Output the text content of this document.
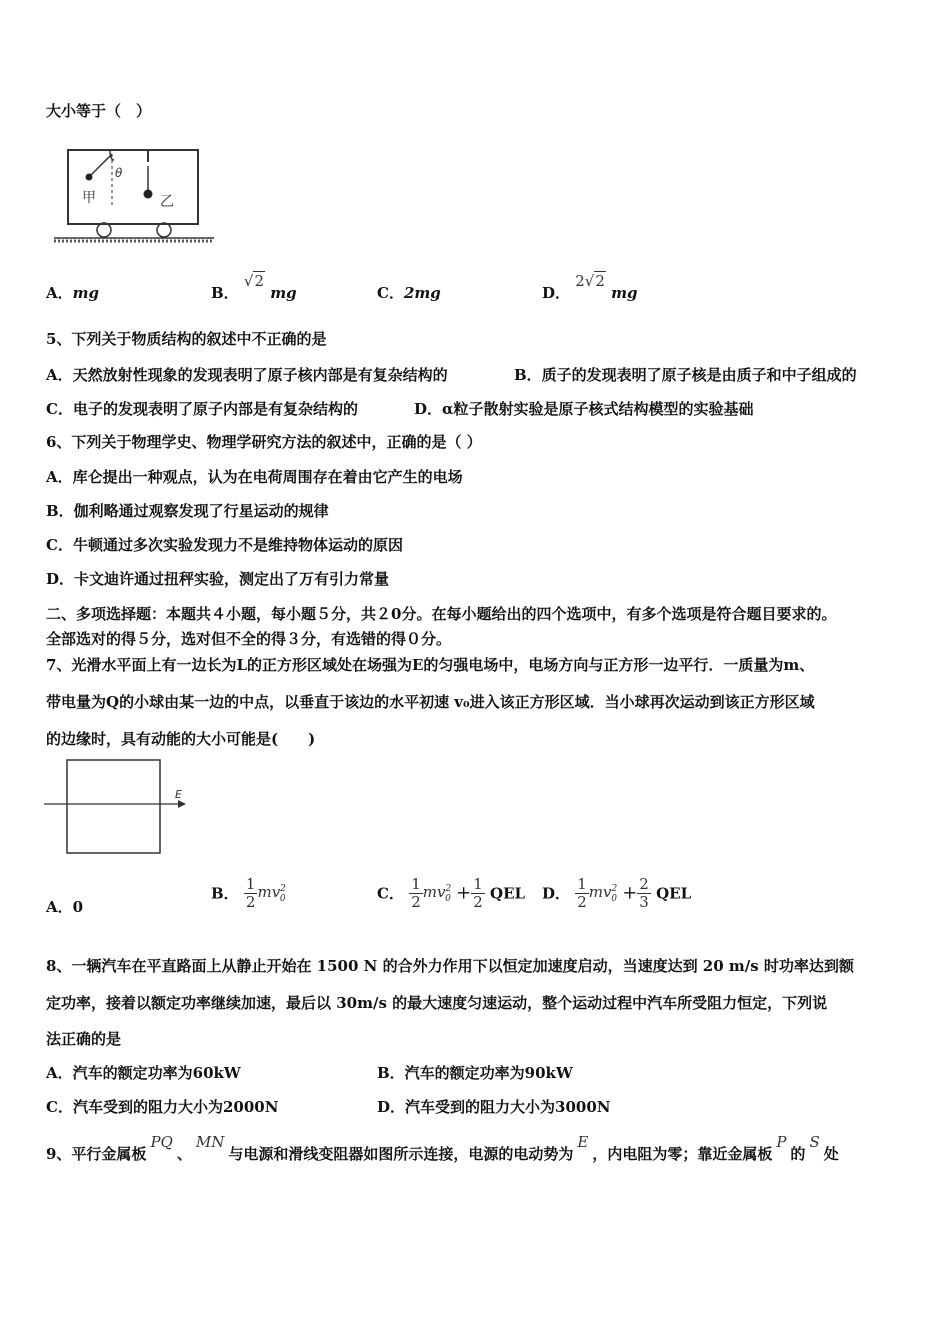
大小等于（　）
θ
甲	乙
A．mg	B． √2 mg	C．2mg	D． 2√2 mg
5、下列关于物质结构的叙述中不正确的是
A．天然放射性现象的发现表明了原子核内部是有复杂结构的	B．质子的发现表明了原子核是由质子和中子组成的
C．电子的发现表明了原子内部是有复杂结构的	D．α粒子散射实验是原子核式结构模型的实验基础
6、下列关于物理学史、物理学研究方法的叙述中，正确的是（ ）
A．库仑提出一种观点，认为在电荷周围存在着由它产生的电场
B．伽利略通过观察发现了行星运动的规律
C．牛顿通过多次实验发现力不是维持物体运动的原因
D．卡文迪许通过扭秤实验，测定出了万有引力常量
二、多项选择题：本题共４小题，每小题５分，共２0分。在每小题给出的四个选项中，有多个选项是符合题目要求的。
全部选对的得５分，选对但不全的得３分，有选错的得０分。
7、光滑水平面上有一边长为L的正方形区域处在场强为E的匀强电场中，电场方向与正方形一边平行．一质量为m、
带电量为Q的小球由某一边的中点，以垂直于该边的水平初速 v₀进入该正方形区域．当小球再次运动到该正方形区域
的边缘时，具有动能的大小可能是(　　)
E
A．0
B． $\frac{1}{2} mv^2_0$	C． $\frac{1}{2} mv^2_0 + \frac{1}{2}$ QEL D． $\frac{1}{2} mv^2_0 + \frac{2}{3}$ QEL
8、一辆汽车在平直路面上从静止开始在 1500 N 的合外力作用下以恒定加速度启动，当速度达到 20 m/s 时功率达到额
定功率，接着以额定功率继续加速，最后以 30m/s 的最大速度匀速运动，整个运动过程中汽车所受阻力恒定，下列说
法正确的是
A．汽车的额定功率为60kW	B．汽车的额定功率为90kW
C．汽车受到的阻力大小为2000N	D．汽车受到的阻力大小为3000N
9、平行金属板PQ、MN与电源和滑线变阻器如图所示连接，电源的电动势为E，内电阻为零；靠近金属板P的S处
